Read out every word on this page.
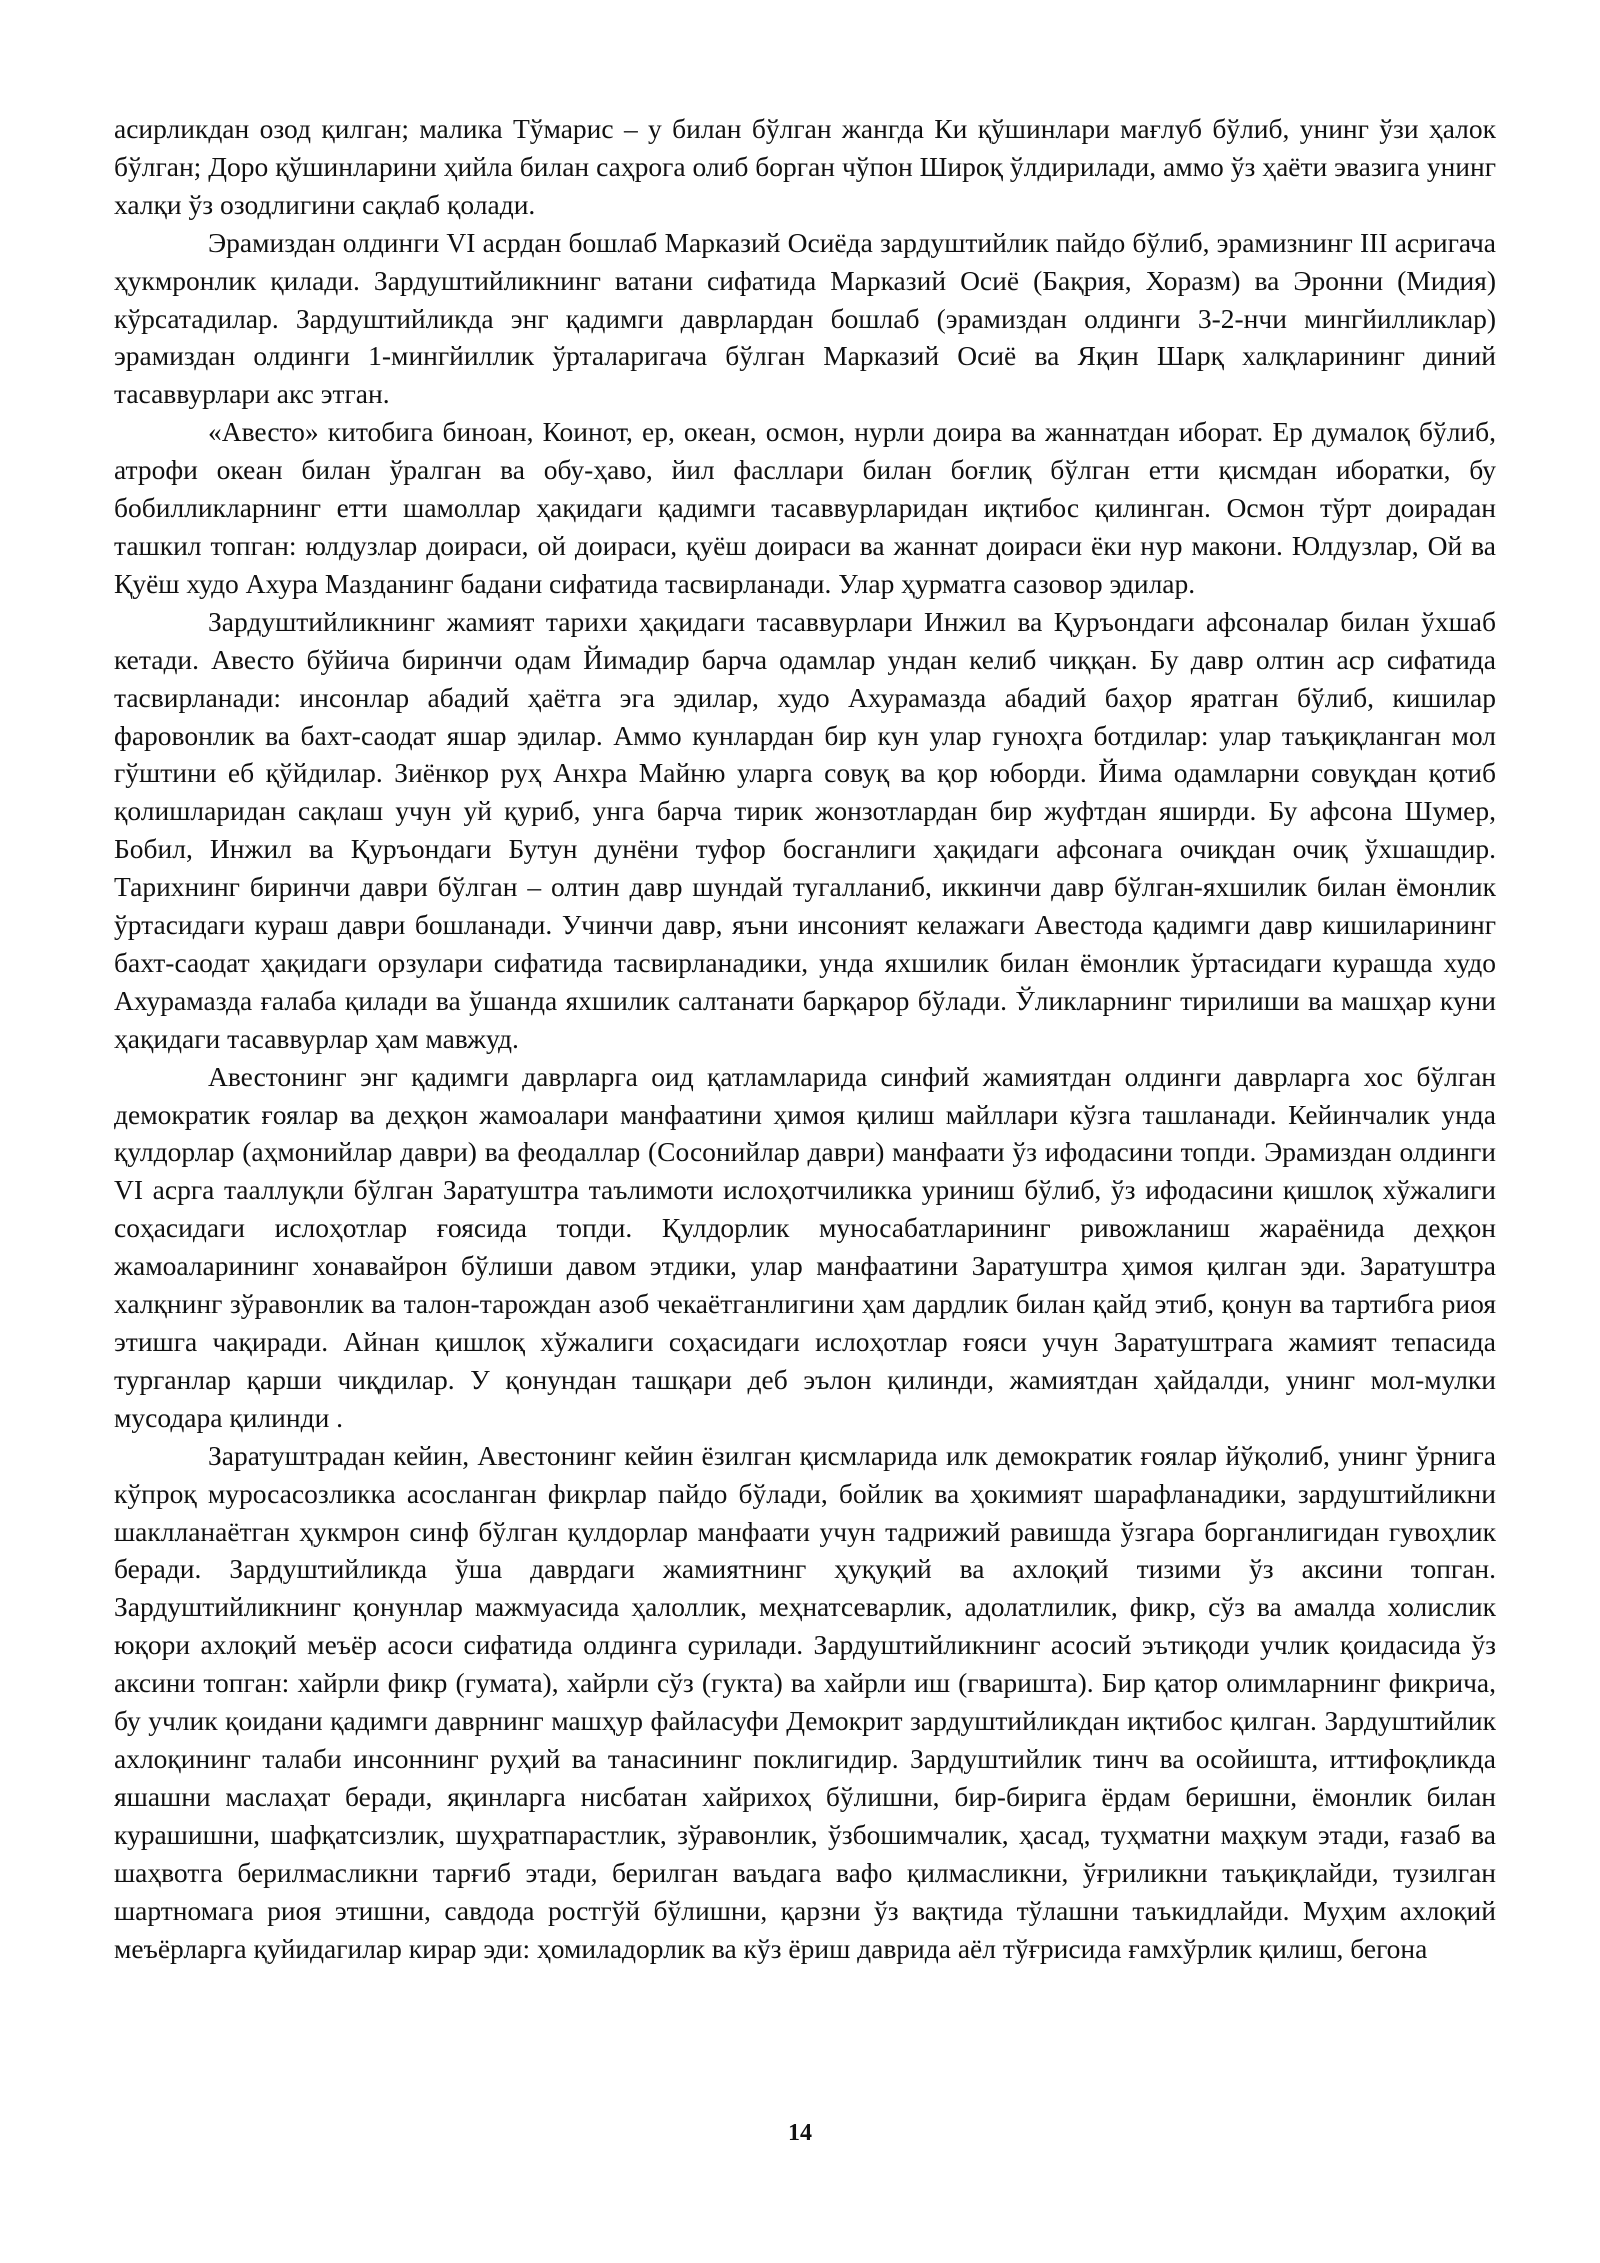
асирликдан озод қилган; малика Тўмарис – у билан бўлган жангда Ки қўшинлари мағлуб бўлиб, унинг ўзи ҳалок бўлган; Доро қўшинларини ҳийла билан саҳрога олиб борган чўпон Широқ ўлдирилади, аммо ўз ҳаёти эвазига унинг халқи ўз озодлигини сақлаб қолади.

Эрамиздан олдинги VI асрдан бошлаб Марказий Осиёда зардуштийлик пайдо бўлиб, эрамизнинг III асригача ҳукмронлик қилади. Зардуштийликнинг ватани сифатида Марказий Осиё (Бақрия, Хоразм) ва Эронни (Мидия) кўрсатадилар. Зардуштийликда энг қадимги даврлардан бошлаб (эрамиздан олдинги 3-2-нчи мингйилликлар) эрамиздан олдинги 1-мингйиллик ўрталаригача бўлган Марказий Осиё ва Яқин Шарқ халқларининг диний тасаввурлари акс этган.

«Авесто» китобига биноан, Коинот, ер, океан, осмон, нурли доира ва жаннатдан иборат. Ер думалоқ бўлиб, атрофи океан билан ўралган ва обу-ҳаво, йил фасллари билан боғлиқ бўлган етти қисмдан иборатки, бу бобилликларнинг етти шамоллар ҳақидаги қадимги тасаввурларидан иқтибос қилинган. Осмон тўрт доирадан ташкил топган: юлдузлар доираси, ой доираси, қуёш доираси ва жаннат доираси ёки нур макони. Юлдузлар, Ой ва Қуёш худо Ахура Мазданинг бадани сифатида тасвирланади. Улар ҳурматга сазовор эдилар.

Зардуштийликнинг жамият тарихи ҳақидаги тасаввурлари Инжил ва Қуръондаги афсоналар билан ўхшаб кетади. Авесто бўйича биринчи одам Йимадир барча одамлар ундан келиб чиққан. Бу давр олтин аср сифатида тасвирланади: инсонлар абадий ҳаётга эга эдилар, худо Ахурамазда абадий баҳор яратган бўлиб, кишилар фаровонлик ва бахт-саодат яшар эдилар. Аммо кунлардан бир кун улар гуноҳга ботдилар: улар таъқиқланган мол гўштини еб қўйдилар. Зиёнкор руҳ Анхра Майню уларга совуқ ва қор юборди. Йима одамларни совуқдан қотиб қолишларидан сақлаш учун уй қуриб, унга барча тирик жонзотлардан бир жуфтдан яширди. Бу афсона Шумер, Бобил, Инжил ва Қуръондаги Бутун дунёни туфор босганлиги ҳақидаги афсонага очиқдан очиқ ўхшашдир. Тарихнинг биринчи даври бўлган – олтин давр шундай тугалланиб, иккинчи давр бўлган-яхшилик билан ёмонлик ўртасидаги кураш даври бошланади. Учинчи давр, яъни инсоният келажаги Авестода қадимги давр кишиларининг бахт-саодат ҳақидаги орзулари сифатида тасвирланадики, унда яхшилик билан ёмонлик ўртасидаги курашда худо Ахурамазда ғалаба қилади ва ўшанда яхшилик салтанати барқарор бўлади. Ўликларнинг тирилиши ва машҳар куни ҳақидаги тасаввурлар ҳам мавжуд.

Авестонинг энг қадимги даврларга оид қатламларида синфий жамиятдан олдинги даврларга хос бўлган демократик ғоялар ва деҳқон жамоалари манфаатини ҳимоя қилиш майллари кўзга ташланади. Кейинчалик унда қулдорлар (аҳмонийлар даври) ва феодаллар (Сосонийлар даври) манфаати ўз ифодасини топди. Эрамиздан олдинги VI асрга тааллуқли бўлган Заратуштра таълимоти ислоҳотчиликка уриниш бўлиб, ўз ифодасини қишлоқ хўжалиги соҳасидаги ислоҳотлар ғоясида топди. Қулдорлик муносабатларининг ривожланиш жараёнида деҳқон жамоаларининг хонавайрон бўлиши давом этдики, улар манфаатини Заратуштра ҳимоя қилган эди. Заратуштра халқнинг зўравонлик ва талон-тарождан азоб чекаётганлигини ҳам дардлик билан қайд этиб, қонун ва тартибга риоя этишга чақиради. Айнан қишлоқ хўжалиги соҳасидаги ислоҳотлар ғояси учун Заратуштрага жамият тепасида турганлар қарши чиқдилар. У қонундан ташқари деб эълон қилинди, жамиятдан ҳайдалди, унинг мол-мулки мусодара қилинди .

Заратуштрадан кейин, Авестонинг кейин ёзилган қисмларида илк демократик ғоялар йўқолиб, унинг ўрнига кўпроқ муросасозликка асосланган фикрлар пайдо бўлади, бойлик ва ҳокимият шарафланадики, зардуштийликни шаклланаётган ҳукмрон синф бўлган қулдорлар манфаати учун тадрижий равишда ўзгара борганлигидан гувоҳлик беради. Зардуштийликда ўша даврдаги жамиятнинг ҳуқуқий ва ахлоқий тизими ўз аксини топган. Зардуштийликнинг қонунлар мажмуасида ҳалоллик, меҳнатсеварлик, адолатлилик, фикр, сўз ва амалда холислик юқори ахлоқий меъёр асоси сифатида олдинга сурилади. Зардуштийликнинг асосий эътиқоди учлик қоидасида ўз аксини топган: хайрли фикр (гумата), хайрли сўз (гукта) ва хайрли иш (гваришта). Бир қатор олимларнинг фикрича, бу учлик қоидани қадимги даврнинг машҳур файласуфи Демокрит зардуштийликдан иқтибос қилган. Зардуштийлик ахлоқининг талаби инсоннинг руҳий ва танасининг поклигидир. Зардуштийлик тинч ва осойишта, иттифоқликда яшашни маслаҳат беради, яқинларга нисбатан хайрихоҳ бўлишни, бир-бирига ёрдам беришни, ёмонлик билан курашишни, шафқатсизлик, шуҳратпарастлик, зўравонлик, ўзбошимчалик, ҳасад, туҳматни маҳкум этади, ғазаб ва шаҳвотга берилмасликни тарғиб этади, берилган ваъдага вафо қилмасликни, ўғриликни таъқиқлайди, тузилган шартномага риоя этишни, савдода ростгўй бўлишни, қарзни ўз вақтида тўлашни таъкидлайди. Муҳим ахлоқий меъёрларга қуйидагилар кирар эди: ҳомиладорлик ва кўз ёриш даврида аёл тўғрисида ғамхўрлик қилиш, бегона

14
